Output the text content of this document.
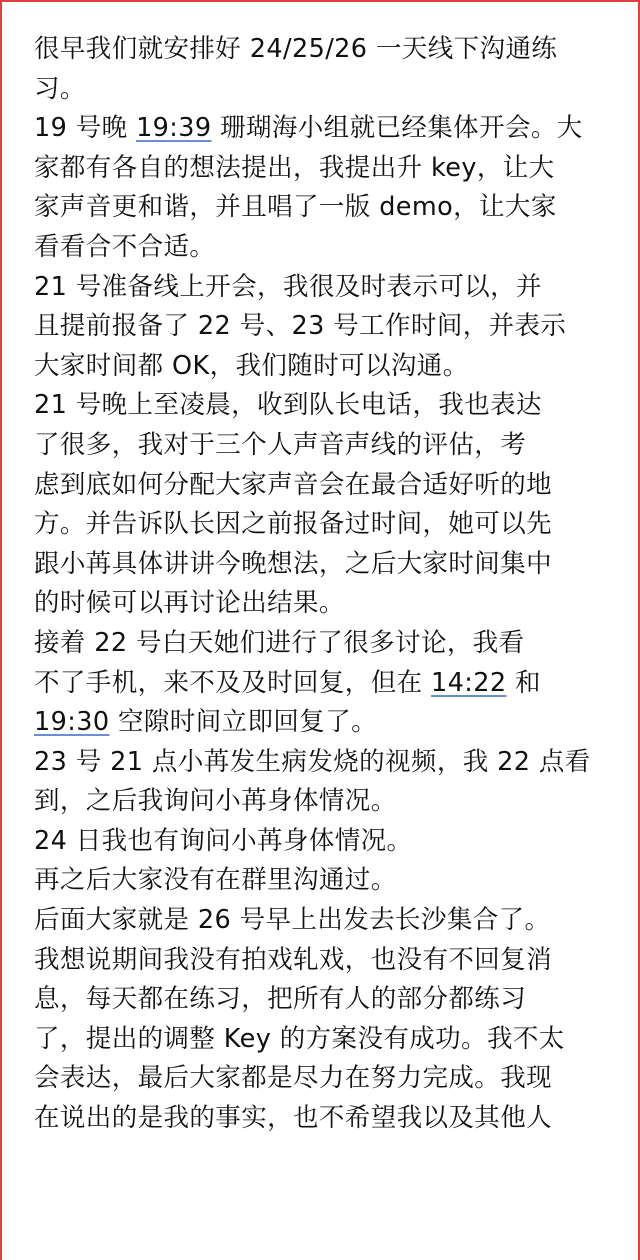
很早我们就安排好 24/25/26 一天线下沟通练
习。
19 号晚 19:39 珊瑚海小组就已经集体开会。大
家都有各自的想法提出，我提出升 key，让大
家声音更和谐，并且唱了一版 demo，让大家
看看合不合适。
21 号准备线上开会，我很及时表示可以，并
且提前报备了 22 号、23 号工作时间，并表示
大家时间都 OK，我们随时可以沟通。
21 号晚上至凌晨，收到队长电话，我也表达
了很多，我对于三个人声音声线的评估，考
虑到底如何分配大家声音会在最合适好听的地
方。并告诉队长因之前报备过时间，她可以先
跟小苒具体讲讲今晚想法，之后大家时间集中
的时候可以再讨论出结果。
接着 22 号白天她们进行了很多讨论，我看
不了手机，来不及及时回复，但在 14:22 和
19:30 空隙时间立即回复了。
23 号 21 点小苒发生病发烧的视频，我 22 点看
到，之后我询问小苒身体情况。
24 日我也有询问小苒身体情况。
再之后大家没有在群里沟通过。
后面大家就是 26 号早上出发去长沙集合了。
我想说期间我没有拍戏轧戏，也没有不回复消
息，每天都在练习，把所有人的部分都练习
了，提出的调整 Key 的方案没有成功。我不太
会表达，最后大家都是尽力在努力完成。我现
在说出的是我的事实，也不希望我以及其他人
